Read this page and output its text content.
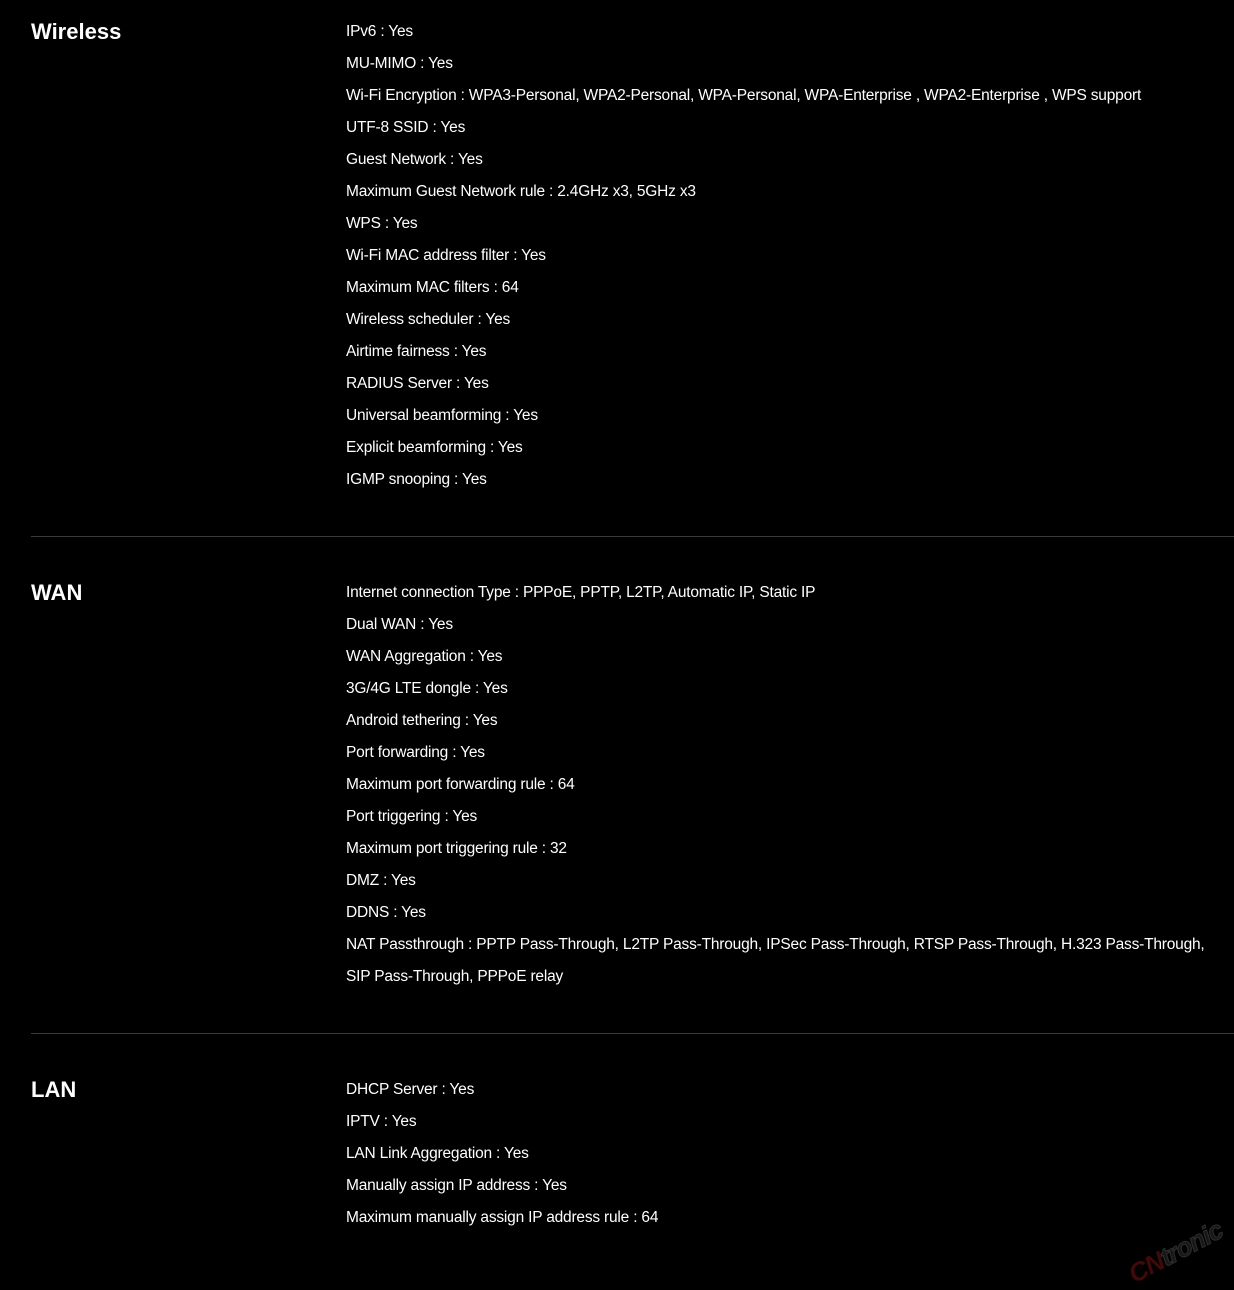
Wireless	IPv6 : Yes
MU-MIMO : Yes
Wi-Fi Encryption : WPA3-Personal, WPA2-Personal, WPA-Personal, WPA-Enterprise , WPA2-Enterprise , WPS support
UTF-8 SSID : Yes
Guest Network : Yes
Maximum Guest Network rule : 2.4GHz x3, 5GHz x3
WPS : Yes
Wi-Fi MAC address filter : Yes
Maximum MAC filters : 64
Wireless scheduler : Yes
Airtime fairness : Yes
RADIUS Server : Yes
Universal beamforming : Yes
Explicit beamforming : Yes
IGMP snooping : Yes
WAN	Internet connection Type : PPPoE, PPTP, L2TP, Automatic IP, Static IP
Dual WAN : Yes
WAN Aggregation : Yes
3G/4G LTE dongle : Yes
Android tethering : Yes
Port forwarding : Yes
Maximum port forwarding rule : 64
Port triggering : Yes
Maximum port triggering rule : 32
DMZ : Yes
DDNS : Yes
NAT Passthrough : PPTP Pass-Through, L2TP Pass-Through, IPSec Pass-Through, RTSP Pass-Through, H.323 Pass-Through, SIP Pass-Through, PPPoE relay
LAN	DHCP Server : Yes
IPTV : Yes
LAN Link Aggregation : Yes
Manually assign IP address : Yes
Maximum manually assign IP address rule : 64
CNtronic
